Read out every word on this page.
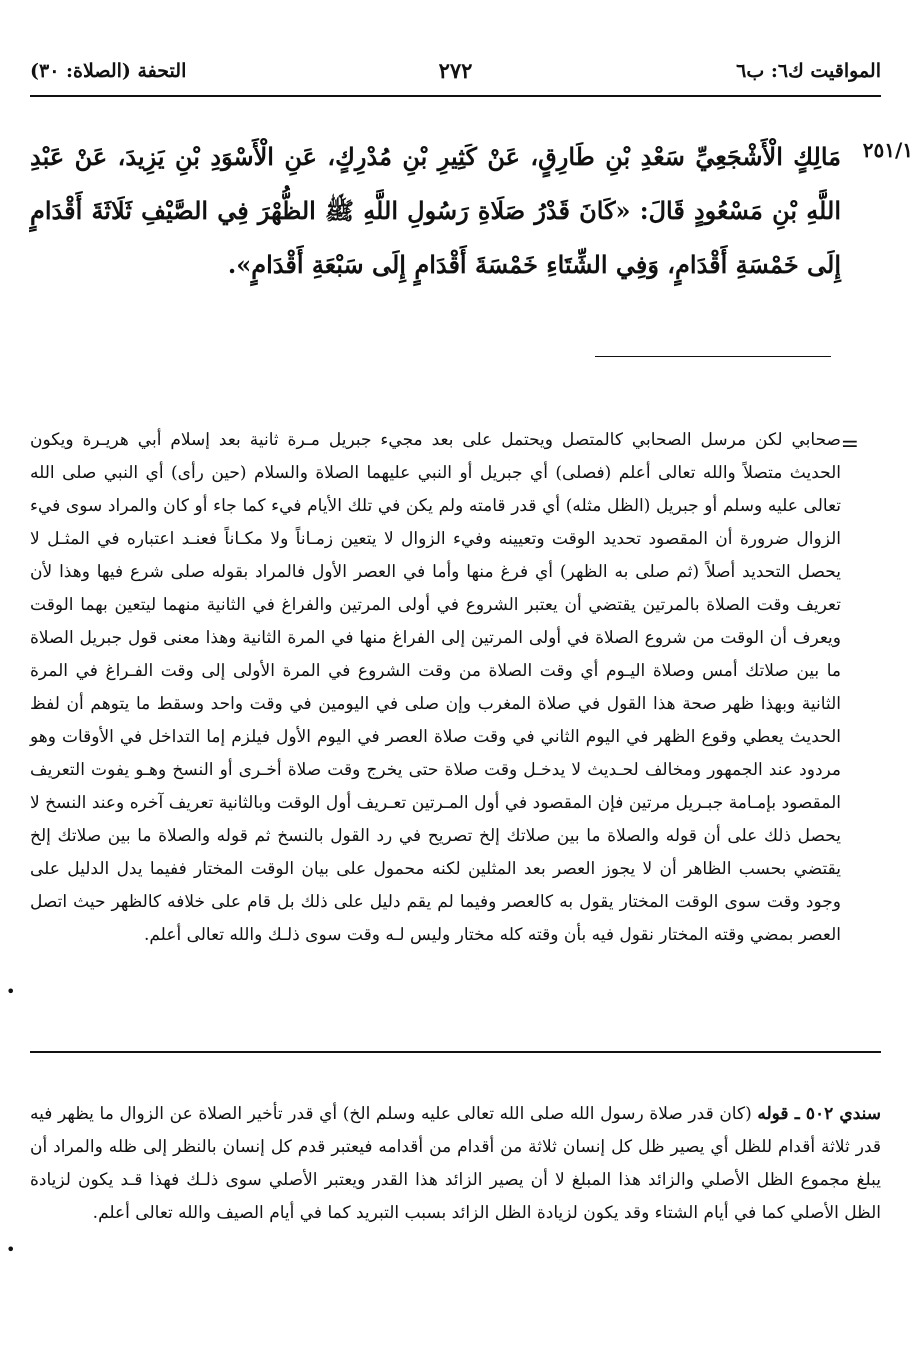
المواقيت ك٦: ب٦
٢٧٢
التحفة (الصلاة: ٣٠)
٢٥١/١
مَالِكٍ الْأَشْجَعِيِّ سَعْدِ بْنِ طَارِقٍ، عَنْ كَثِيرِ بْنِ مُدْرِكٍ، عَنِ الْأَسْوَدِ بْنِ يَزِيدَ، عَنْ عَبْدِ اللَّهِ بْنِ مَسْعُودٍ قَالَ: «كَانَ قَدْرُ صَلَاةِ رَسُولِ اللَّهِ ﷺ الظُّهْرَ فِي الصَّيْفِ ثَلَاثَةَ أَقْدَامٍ إِلَى خَمْسَةِ أَقْدَامٍ، وَفِي الشِّتَاءِ خَمْسَةَ أَقْدَامٍ إِلَى سَبْعَةِ أَقْدَامٍ».
=
صحابي لكن مرسل الصحابي كالمتصل ويحتمل على بعد مجيء جبريل مـرة ثانية بعد إسلام أبي هريـرة ويكون الحديث متصلاً والله تعالى أعلم (فصلى) أي جبريل أو النبي عليهما الصلاة والسلام (حين رأى) أي النبي صلى الله تعالى عليه وسلم أو جبريل (الظل مثله) أي قدر قامته ولم يكن في تلك الأيام فيء كما جاء أو كان والمراد سوى فيء الزوال ضرورة أن المقصود تحديد الوقت وتعيينه وفيء الزوال لا يتعين زمـاناً ولا مكـاناً فعنـد اعتباره في المثـل لا يحصل التحديد أصلاً (ثم صلى به الظهر) أي فرغ منها وأما في العصر الأول فالمراد بقوله صلى شرع فيها وهذا لأن تعريف وقت الصلاة بالمرتين يقتضي أن يعتبر الشروع في أولى المرتين والفراغ في الثانية منهما ليتعين بهما الوقت ويعرف أن الوقت من شروع الصلاة في أولى المرتين إلى الفراغ منها في المرة الثانية وهذا معنى قول جبريل الصلاة ما بين صلاتك أمس وصلاة اليـوم أي وقت الصلاة من وقت الشروع في المرة الأولى إلى وقت الفـراغ في المرة الثانية وبهذا ظهر صحة هذا القول في صلاة المغرب وإن صلى في اليومين في وقت واحد وسقط ما يتوهم أن لفظ الحديث يعطي وقوع الظهر في اليوم الثاني في وقت صلاة العصر في اليوم الأول فيلزم إما التداخل في الأوقات وهو مردود عند الجمهور ومخالف لحـديث لا يدخـل وقت صلاة حتى يخرج وقت صلاة أخـرى أو النسخ وهـو يفوت التعريف المقصود بإمـامة جبـريل مرتين فإن المقصود في أول المـرتين تعـريف أول الوقت وبالثانية تعريف آخره وعند النسخ لا يحصل ذلك على أن قوله والصلاة ما بين صلاتك إلخ تصريح في رد القول بالنسخ ثم قوله والصلاة ما بين صلاتك إلخ يقتضي بحسب الظاهر أن لا يجوز العصر بعد المثلين لكنه محمول على بيان الوقت المختار ففيما يدل الدليل على وجود وقت سوى الوقت المختار يقول به كالعصر وفيما لم يقم دليل على ذلك بل قام على خلافه كالظهر حيث اتصل العصر بمضي وقته المختار نقول فيه بأن وقته كله مختار وليس لـه وقت سوى ذلـك والله تعالى أعلم.
•
سندي ٥٠٢ ـ قوله (كان قدر صلاة رسول الله صلى الله تعالى عليه وسلم الخ) أي قدر تأخير الصلاة عن الزوال ما يظهر فيه قدر ثلاثة أقدام للظل أي يصير ظل كل إنسان ثلاثة من أقدام من أقدامه فيعتبر قدم كل إنسان بالنظر إلى ظله والمراد أن يبلغ مجموع الظل الأصلي والزائد هذا المبلغ لا أن يصير الزائد هذا القدر ويعتبر الأصلي سوى ذلـك فهذا قـد يكون لزيادة الظل الأصلي كما في أيام الشتاء وقد يكون لزيادة الظل الزائد بسبب التبريد كما في أيام الصيف والله تعالى أعلم.
•
